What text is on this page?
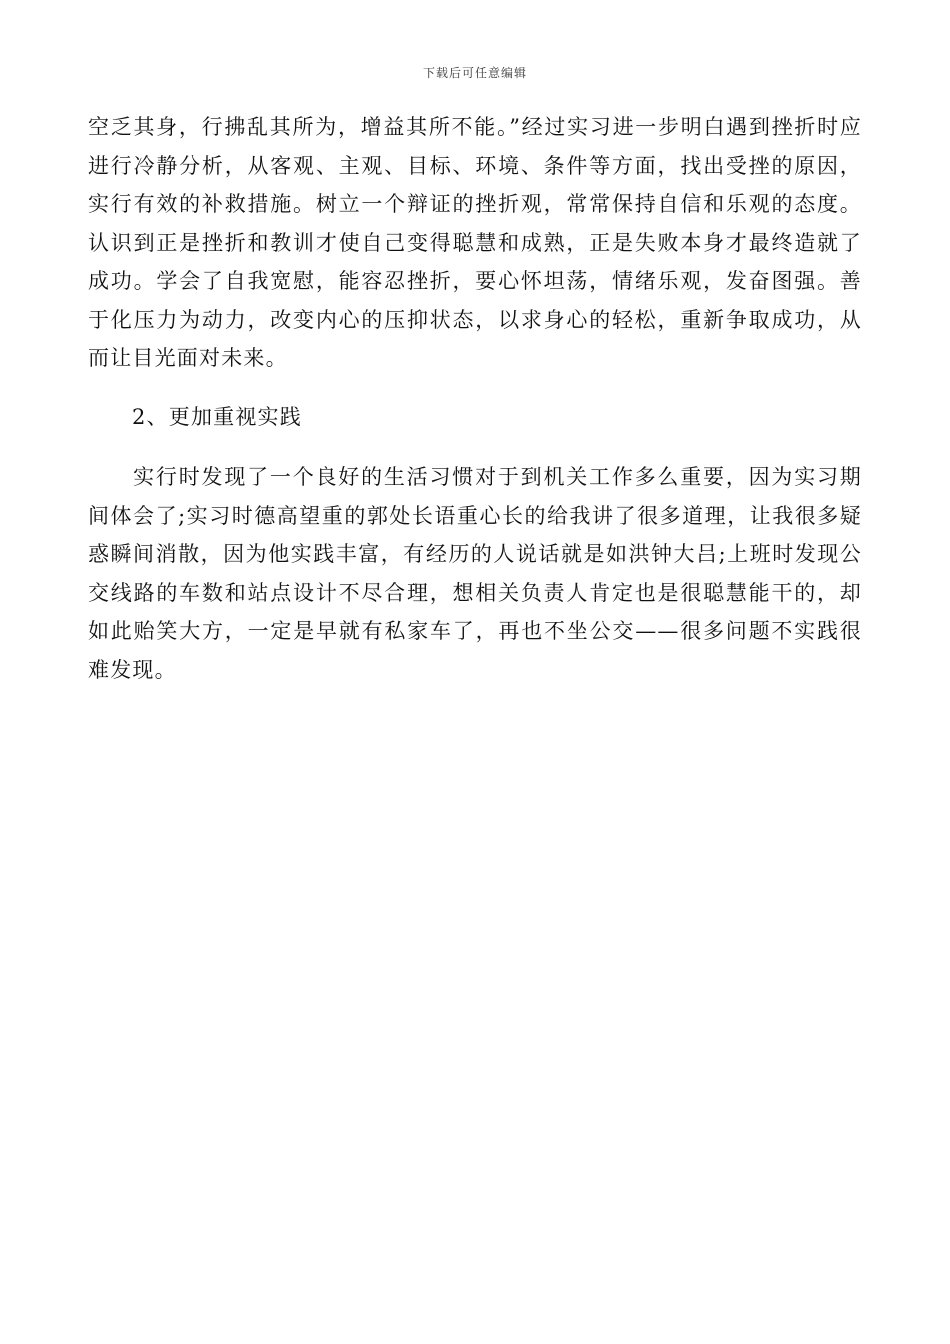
下载后可任意编辑

空乏其身，行拂乱其所为，增益其所不能。”经过实习进一步明白遇到挫折时应进行冷静分析，从客观、主观、目标、环境、条件等方面，找出受挫的原因，实行有效的补救措施。树立一个辩证的挫折观，常常保持自信和乐观的态度。认识到正是挫折和教训才使自己变得聪慧和成熟，正是失败本身才最终造就了成功。学会了自我宽慰，能容忍挫折，要心怀坦荡，情绪乐观，发奋图强。善于化压力为动力，改变内心的压抑状态，以求身心的轻松，重新争取成功，从而让目光面对未来。

2、更加重视实践

实行时发现了一个良好的生活习惯对于到机关工作多么重要，因为实习期间体会了;实习时德高望重的郭处长语重心长的给我讲了很多道理，让我很多疑惑瞬间消散，因为他实践丰富，有经历的人说话就是如洪钟大吕;上班时发现公交线路的车数和站点设计不尽合理，想相关负责人肯定也是很聪慧能干的，却如此贻笑大方，一定是早就有私家车了，再也不坐公交——很多问题不实践很难发现。
